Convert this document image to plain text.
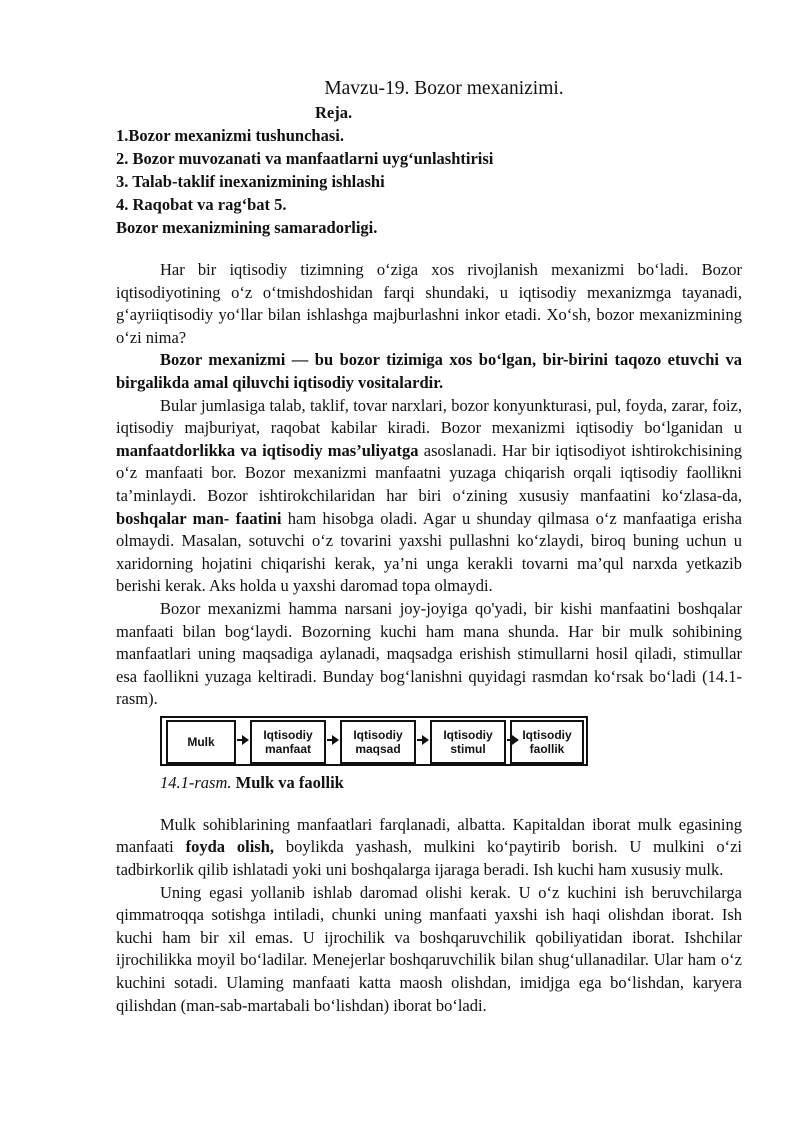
Mavzu-19. Bozor mexanizimi.

Reja.

1.Bozor mexanizmi tushunchasi.
2. Bozor muvozanati va manfaatlarni uyg‘unlashtirisi
3. Talab-taklif inexanizmining ishlashi
4. Raqobat va rag‘bat 5.
Bozor mexanizmining samaradorligi.

Har bir iqtisodiy tizimning o‘ziga xos rivojlanish mexanizmi bo‘ladi. Bozor iqtisodiyotining o‘z o‘tmishdoshidan farqi shundaki, u iqtisodiy mexanizmga tayanadi, g‘ayriiqtisodiy yo‘llar bilan ishlashga majburlashni inkor etadi. Xo‘sh, bozor mexanizmining o‘zi nima?

Bozor mexanizmi — bu bozor tizimiga xos bo‘lgan, bir-birini taqozo etuvchi va birgalikda amal qiluvchi iqtisodiy vositalardir.

Bular jumlasiga talab, taklif, tovar narxlari, bozor konyunkturasi, pul, foyda, zarar, foiz, iqtisodiy majburiyat, raqobat kabilar kiradi. Bozor mexanizmi iqtisodiy bo‘lganidan u manfaatdorlikka va iqtisodiy mas’uliyatga asoslanadi. Har bir iqtisodiyot ishtirokchisining o‘z manfaati bor. Bozor mexanizmi manfaatni yuzaga chiqarish orqali iqtisodiy faollikni ta’minlaydi. Bozor ishtirokchilaridan har biri o‘zining xususiy manfaatini ko‘zlasa-da, boshqalar man- faatini ham hisobga oladi. Agar u shunday qilmasa o‘z manfaatiga erisha olmaydi. Masalan, sotuvchi o‘z tovarini yaxshi pullashni ko‘zlaydi, biroq buning uchun u xaridorning hojatini chiqarishi kerak, ya’ni unga kerakli tovarni ma’qul narxda yetkazib berishi kerak. Aks holda u yaxshi daromad topa olmaydi.

Bozor mexanizmi hamma narsani joy-joyiga qo'yadi, bir kishi manfaatini boshqalar manfaati bilan bog‘laydi. Bozorning kuchi ham mana shunda. Har bir mulk sohibining manfaatlari uning maqsadiga aylanadi, maqsadga erishish stimullarni hosil qiladi, stimullar esa faollikni yuzaga keltiradi. Bunday bog‘lanishni quyidagi rasmdan ko‘rsak bo‘ladi (14.1-rasm).

Mulk	Iqtisodiy
manfaat
Iqtisodiy
maqsad
Iqtisodiy
stimul
Iqtisodiy
faollik

14.1-rasm. Mulk va faollik

Mulk sohiblarining manfaatlari farqlanadi, albatta. Kapitaldan iborat mulk egasining manfaati foyda olish, boylikda yashash, mulkini ko‘paytirib borish. U mulkini o‘zi tadbirkorlik qilib ishlatadi yoki uni boshqalarga ijaraga beradi. Ish kuchi ham xususiy mulk.

Uning egasi yollanib ishlab daromad olishi kerak. U o‘z kuchini ish beruvchilarga qimmatroqqa sotishga intiladi, chunki uning manfaati yaxshi ish haqi olishdan iborat. Ish kuchi ham bir xil emas. U ijrochilik va boshqaruvchilik qobiliyatidan iborat. Ishchilar ijrochilikka moyil bo‘ladilar. Menejerlar boshqaruvchilik bilan shug‘ullanadilar. Ular ham o‘z kuchini sotadi. Ulaming manfaati katta maosh olishdan, imidjga ega bo‘lishdan, karyera qilishdan (man-sab-martabali bo‘lishdan) iborat bo‘ladi.
